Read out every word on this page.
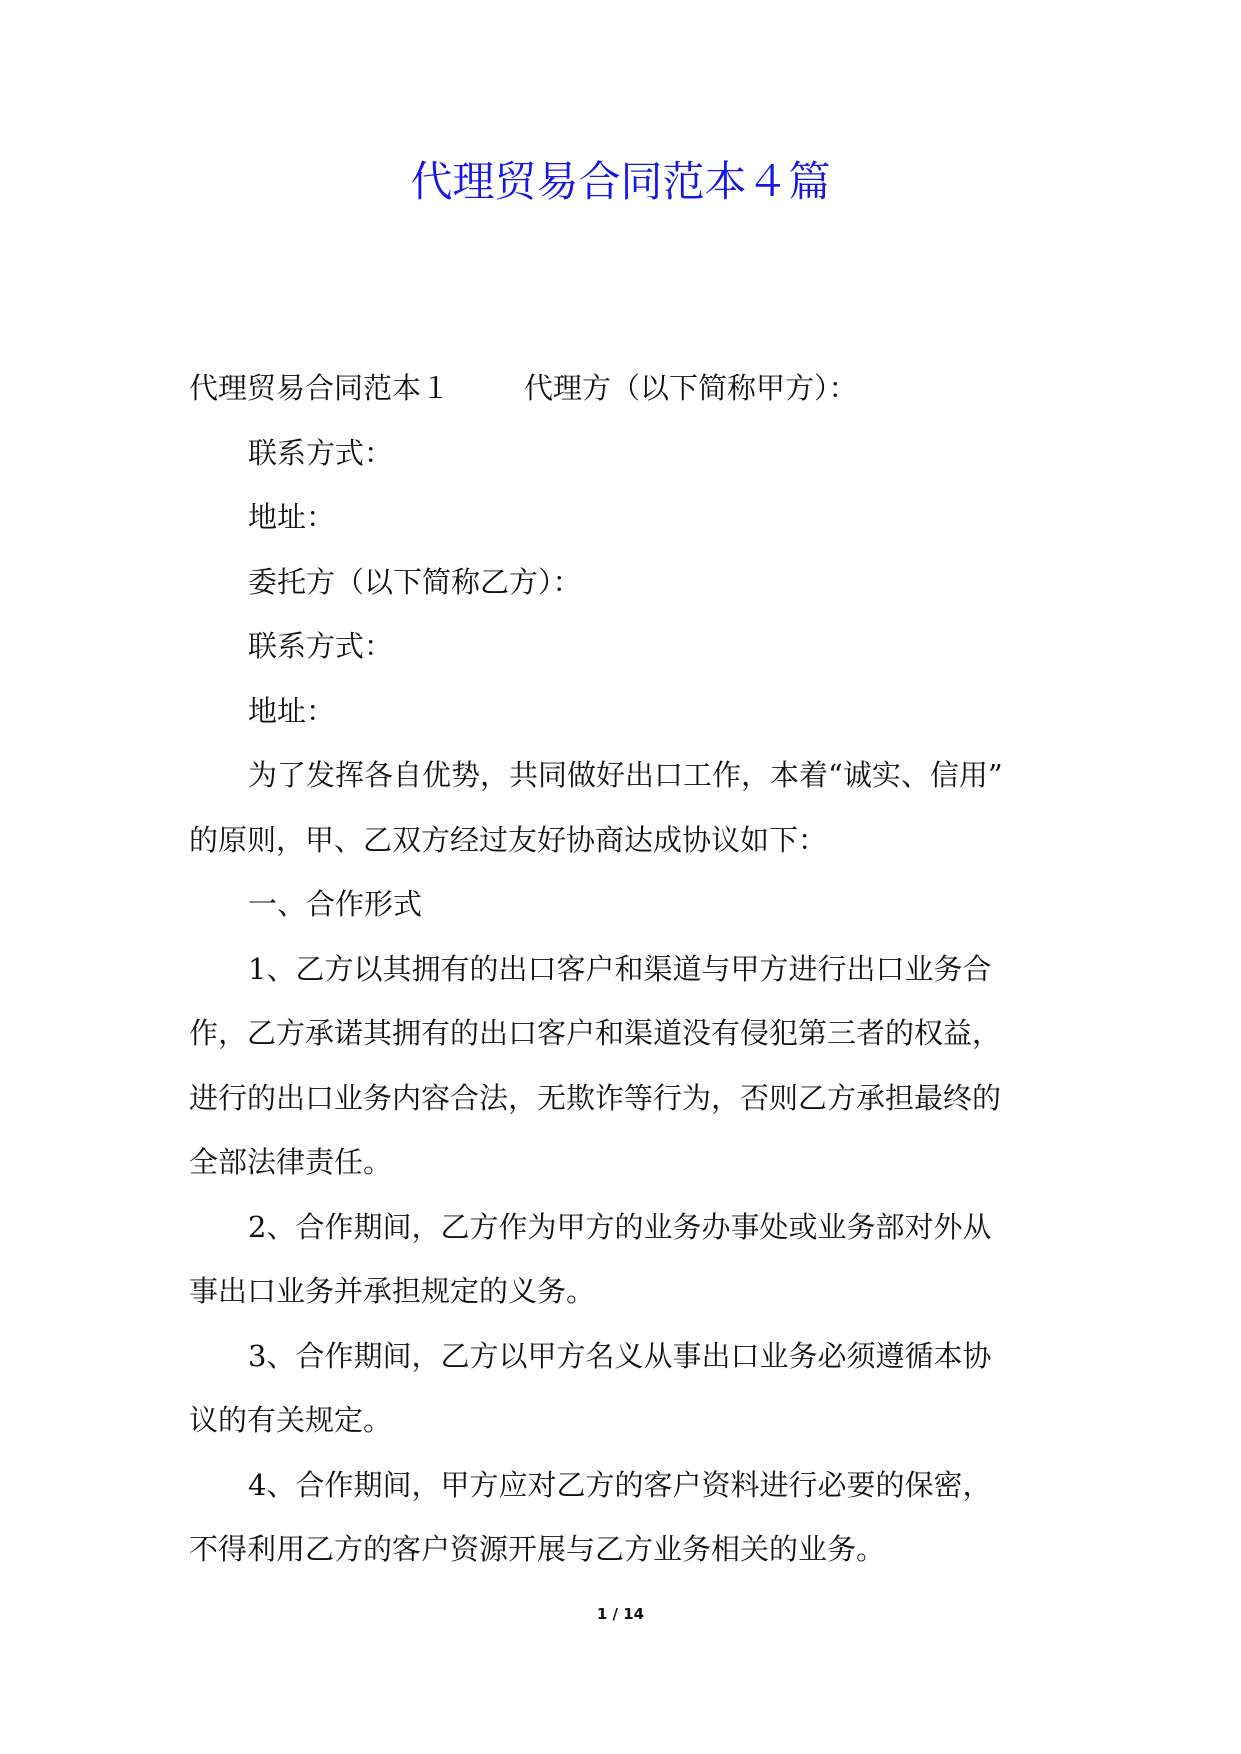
代理贸易合同范本４篇

代理贸易合同范本１	代理方（以下简称甲方）：

联系方式：

地址：

委托方（以下简称乙方）：

联系方式：

地址：

为了发挥各自优势，共同做好出口工作，本着“诚实、信用”

的原则，甲、乙双方经过友好协商达成协议如下：

一、合作形式

1、乙方以其拥有的出口客户和渠道与甲方进行出口业务合

作，乙方承诺其拥有的出口客户和渠道没有侵犯第三者的权益，

进行的出口业务内容合法，无欺诈等行为，否则乙方承担最终的

全部法律责任。

2、合作期间，乙方作为甲方的业务办事处或业务部对外从

事出口业务并承担规定的义务。

3、合作期间，乙方以甲方名义从事出口业务必须遵循本协

议的有关规定。

4、合作期间，甲方应对乙方的客户资料进行必要的保密，

不得利用乙方的客户资源开展与乙方业务相关的业务。

1 / 14
